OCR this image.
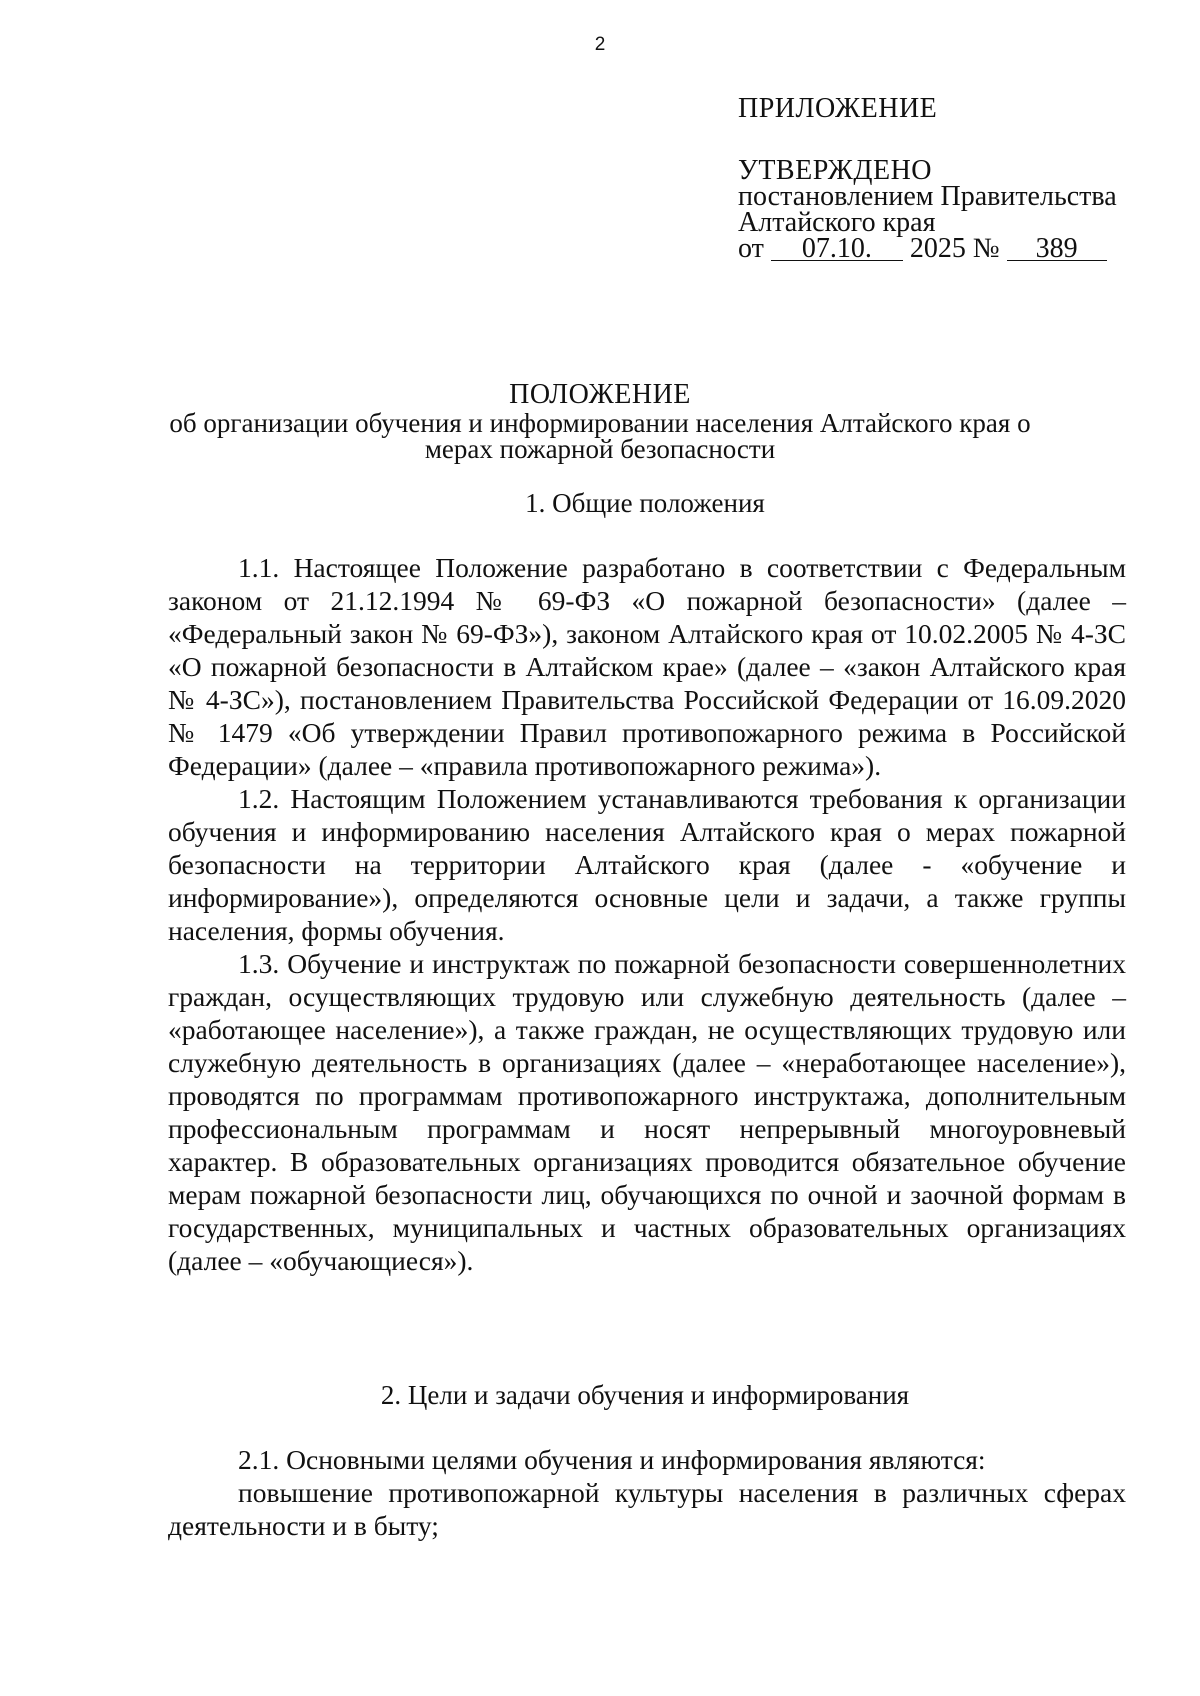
2
ПРИЛОЖЕНИЕ
УТВЕРЖДЕНО
постановлением Правительства
Алтайского края
от 07.10. 2025 № 389
ПОЛОЖЕНИЕ
об организации обучения и информировании населения Алтайского края о
мерах пожарной безопасности
1. Общие положения

1.1. Настоящее Положение разработано в соответствии с Федеральным законом от 21.12.1994 № 69-ФЗ «О пожарной безопасности» (далее – «Федеральный закон № 69-ФЗ»), законом Алтайского края от 10.02.2005 № 4-ЗС «О пожарной безопасности в Алтайском крае» (далее – «закон Алтайского края № 4-ЗС»), постановлением Правительства Российской Федерации от 16.09.2020 № 1479 «Об утверждении Правил противопожарного режима в Российской Федерации» (далее – «правила противопожарного режима»).

1.2. Настоящим Положением устанавливаются требования к организации обучения и информированию населения Алтайского края о мерах пожарной безопасности на территории Алтайского края (далее - «обучение и информирование»), определяются основные цели и задачи, а также группы населения, формы обучения.

1.3. Обучение и инструктаж по пожарной безопасности совершеннолетних граждан, осуществляющих трудовую или служебную деятельность (далее – «работающее население»), а также граждан, не осуществляющих трудовую или служебную деятельность в организациях (далее – «неработающее население»), проводятся по программам противопожарного инструктажа, дополнительным профессиональным программам и носят непрерывный многоуровневый характер. В образовательных организациях проводится обязательное обучение мерам пожарной безопасности лиц, обучающихся по очной и заочной формам в государственных, муниципальных и частных образовательных организациях (далее – «обучающиеся»).

2. Цели и задачи обучения и информирования

2.1. Основными целями обучения и информирования являются:

повышение противопожарной культуры населения в различных сферах деятельности и в быту;
